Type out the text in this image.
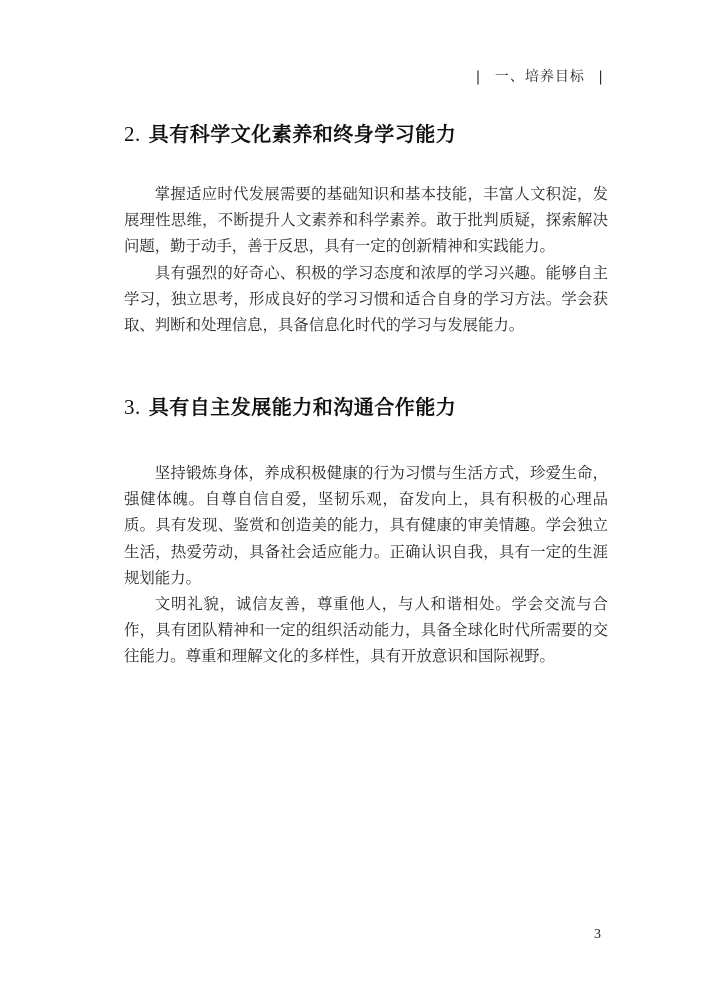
| 一、培养目标 |
2. 具有科学文化素养和终身学习能力

掌握适应时代发展需要的基础知识和基本技能，丰富人文积淀，发展理性思维，不断提升人文素养和科学素养。敢于批判质疑，探索解决问题，勤于动手，善于反思，具有一定的创新精神和实践能力。

具有强烈的好奇心、积极的学习态度和浓厚的学习兴趣。能够自主学习，独立思考，形成良好的学习习惯和适合自身的学习方法。学会获取、判断和处理信息，具备信息化时代的学习与发展能力。

3. 具有自主发展能力和沟通合作能力

坚持锻炼身体，养成积极健康的行为习惯与生活方式，珍爱生命，强健体魄。自尊自信自爱，坚韧乐观，奋发向上，具有积极的心理品质。具有发现、鉴赏和创造美的能力，具有健康的审美情趣。学会独立生活，热爱劳动，具备社会适应能力。正确认识自我，具有一定的生涯规划能力。

文明礼貌，诚信友善，尊重他人，与人和谐相处。学会交流与合作，具有团队精神和一定的组织活动能力，具备全球化时代所需要的交往能力。尊重和理解文化的多样性，具有开放意识和国际视野。

3
